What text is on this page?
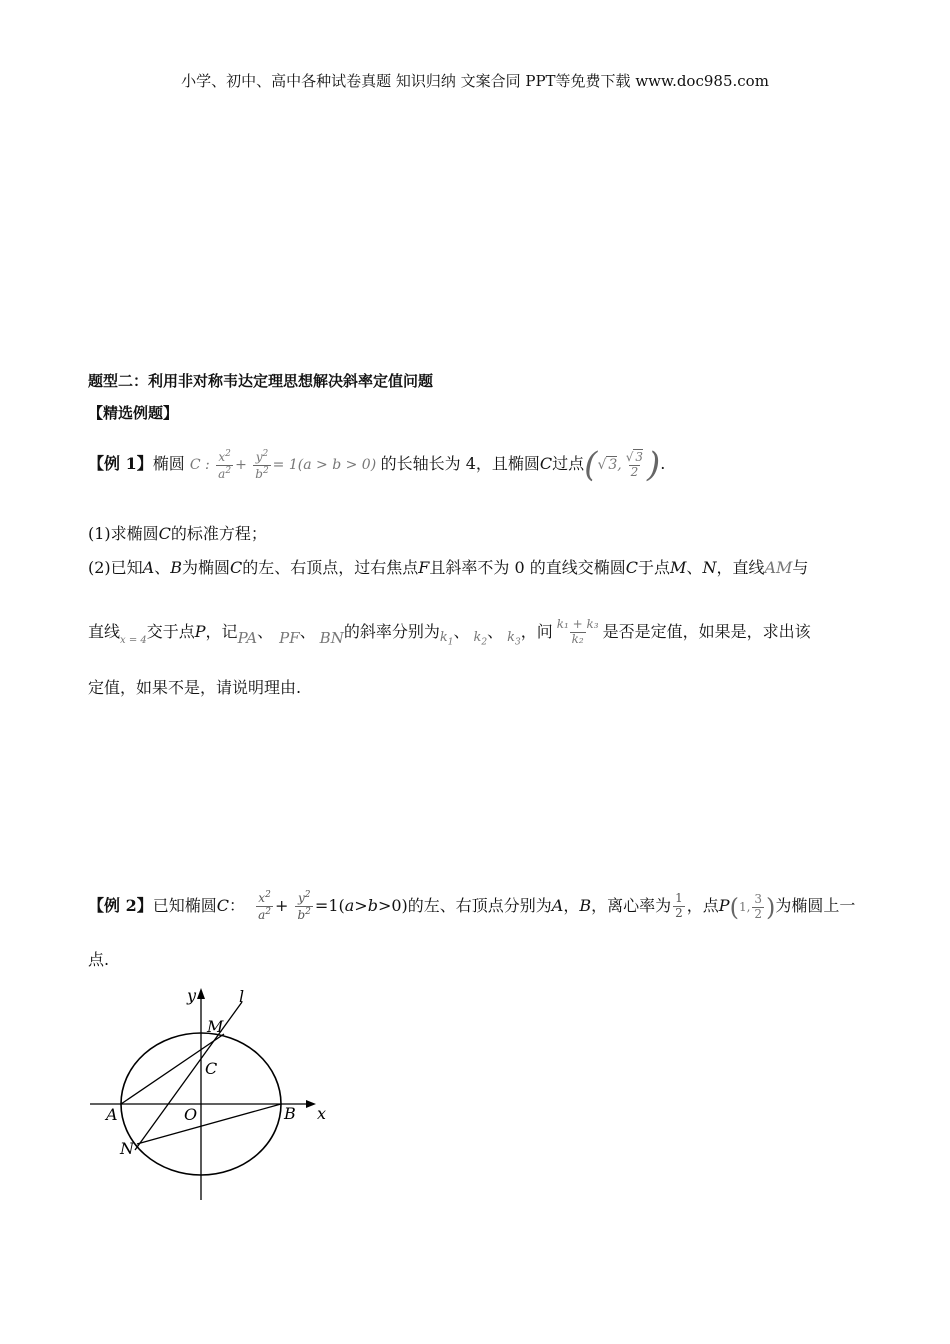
小学、初中、高中各种试卷真题 知识归纳 文案合同 PPT等免费下载 www.doc985.com
题型二：利用非对称韦达定理思想解决斜率定值问题
【精选例题】
【例 1】椭圆 C : $\frac{x^2}{a^2} + \frac{y^2}{b^2} = 1(a > b > 0)$ 的长轴长为 4，且椭圆C过点(√ 3, $\frac{√ 3}{2}$ ).
(1)求椭圆C的标准方程；
(2)已知A、B为椭圆C的左、右顶点，过右焦点F且斜率不为 0 的直线交椭圆C于点M、N，直线AM与
直线$_{x = 4}$交于点P，记PA、 PF、 BN的斜率分别为$_{k_1}$、 $_{k_2}$、 $_{k_3}$，问 $\frac{\text{k₁ + k₃}}{\text{k₂}}$ 是否是定值，如果是，求出该
定值，如果不是，请说明理由.
【例 2】已知椭圆C： $\frac{x^2}{a^2} + \frac{y^2}{b^2} =1(a>b>0)$的左、右顶点分别为A，B，离心率为 $\frac{1}{2}$ ，点P(1, $\frac{3}{2}$ )为椭圆上一
点.
y
x
M
l
C
A	O	B
N
